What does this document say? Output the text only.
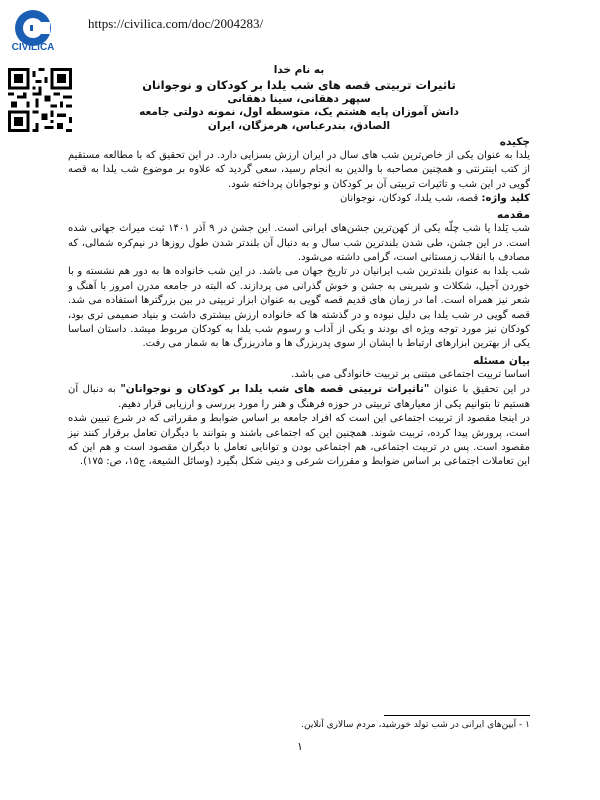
CIVILICA
https://civilica.com/doc/2004283/

به نام خدا

تاثیرات تربیتی قصه های شب یلدا بر کودکان و نوجوانان

سپهر دهقانی، سینا دهقانی

دانش آموزان پایه هشتم یک، متوسطه اول، نمونه دولتی جامعه

الصادق، بندرعباس، هرمزگان، ایران

چکیده

یلدا به عنوان یکی از خاص‌ترین شب های سال در ایران ارزش بسزایی دارد. در این تحقیق که با مطالعه مستقیم از کتب اینترنتی و همچنین مصاحبه با والدین به انجام رسید، سعی گردید که علاوه بر موضوع شب یلدا به قصه گویی در این شب و تاثیرات تربیتی آن بر کودکان و نوجوانان پرداخته شود.

کلید واژه: قصه، شب یلدا، کودکان، نوجوانان

مقدمه

شب یَلدا یا شب چلّه یکی از کهن‌ترین جشن‌های ایرانی است. این جشن در ۹ آذر ۱۴۰۱ ثبت میراث جهانی شده است. در این جشن، طی شدن بلندترین شب سال و به دنبال آن بلندتر شدن طول روزها در نیم‌کره شمالی، که مصادف با انقلاب زمستانی است، گرامی داشته می‌شود.

شب یلدا به عنوان بلندترین شب ایرانیان در تاریخ جهان می باشد. در این شب خانواده ها به دور هم نشسته و با خوردن آجیل، شکلات و شیرینی به جشن و خوش گذرانی می پردازند. که البته در جامعه مدرن امروز با آهنگ و شعر نیز همراه است. اما در زمان های قدیم قصه گویی به عنوان ابزار تربیتی در بین بزرگترها استفاده می شد. قصه گویی در شب یلدا بی دلیل نبوده و در گذشته ها که خانواده ارزش بیشتری داشت و بنیاد صمیمی تری بود، کودکان نیز مورد توجه ویژه ای بودند و یکی از آداب و رسوم شب یلدا به کودکان مربوط میشد. داستان اساسا یکی از بهترین ابزارهای ارتباط با ایشان از سوی پدربزرگ ها و مادربزرگ ها به شمار می رفت.

بیان مسئله

اساسا تربیت اجتماعی مبتنی بر تربیت خانوادگی می باشد.

در این تحقیق با عنوان "تاثیرات تربیتی قصه های شب یلدا بر کودکان و نوجوانان" به دنبال آن هستیم تا بتوانیم یکی از معیارهای تربیتی در حوزه فرهنگ و هنر را مورد بررسی و ارزیابی قرار دهیم.

در اینجا مقصود از تربیت اجتماعی این است که افراد جامعه بر اساس ضوابط و مقرراتی که در شرع تبیین شده است، پرورش پیدا کرده، تربیت شوند. همچنین این که اجتماعی باشند و بتوانند با دیگران تعامل برقرار کنند نیز مقصود است. پس در تربیت اجتماعی، هم اجتماعی بودن و توانایی تعامل با دیگران مقصود است و هم این که این تعاملات اجتماعی بر اساس ضوابط و مقررات شرعی و دینی شکل بگیرد (وسائل الشیعة، ج۱۵، ص: ۱۷۵).

۱ - آیین‌های ایرانی در شب تولد خورشید، مردم سالاری آنلاین.
۱
